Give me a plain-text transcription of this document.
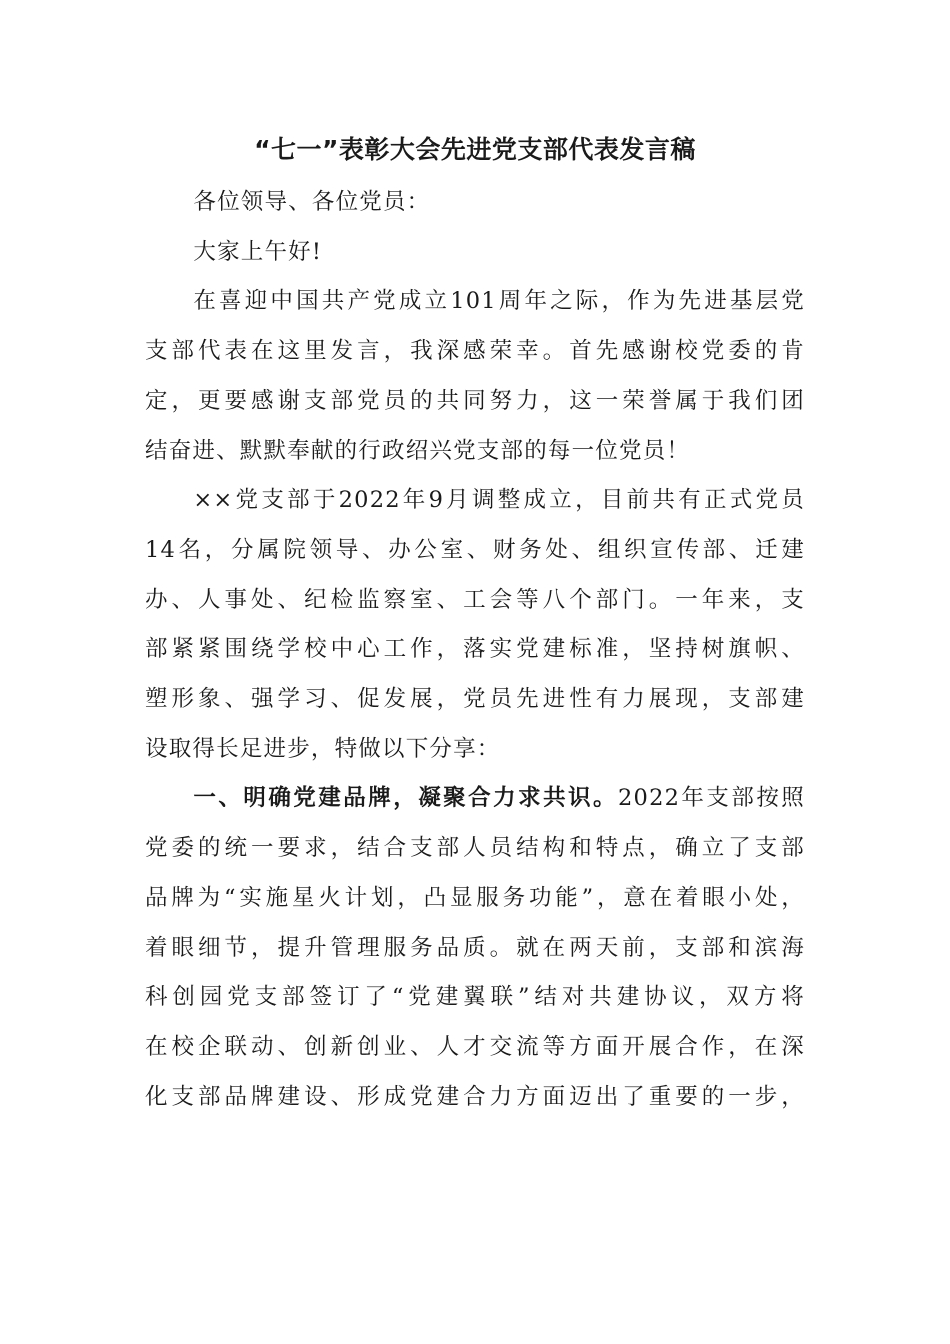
“七一”表彰大会先进党支部代表发言稿

各位领导、各位党员：

大家上午好!

在喜迎中国共产党成立101周年之际，作为先进基层党
支部代表在这里发言，我深感荣幸。首先感谢校党委的肯
定，更要感谢支部党员的共同努力，这一荣誉属于我们团
结奋进、默默奉献的行政绍兴党支部的每一位党员！
××党支部于2022年9月调整成立，目前共有正式党员
14名，分属院领导、办公室、财务处、组织宣传部、迁建
办、人事处、纪检监察室、工会等八个部门。一年来，支
部紧紧围绕学校中心工作，落实党建标准，坚持树旗帜、
塑形象、强学习、促发展，党员先进性有力展现，支部建
设取得长足进步，特做以下分享：
一、明确党建品牌，凝聚合力求共识。2022年支部按照
党委的统一要求，结合支部人员结构和特点，确立了支部
品牌为“实施星火计划，凸显服务功能”，意在着眼小处，
着眼细节，提升管理服务品质。就在两天前，支部和滨海
科创园党支部签订了“党建翼联”结对共建协议，双方将
在校企联动、创新创业、人才交流等方面开展合作，在深
化支部品牌建设、形成党建合力方面迈出了重要的一步，
